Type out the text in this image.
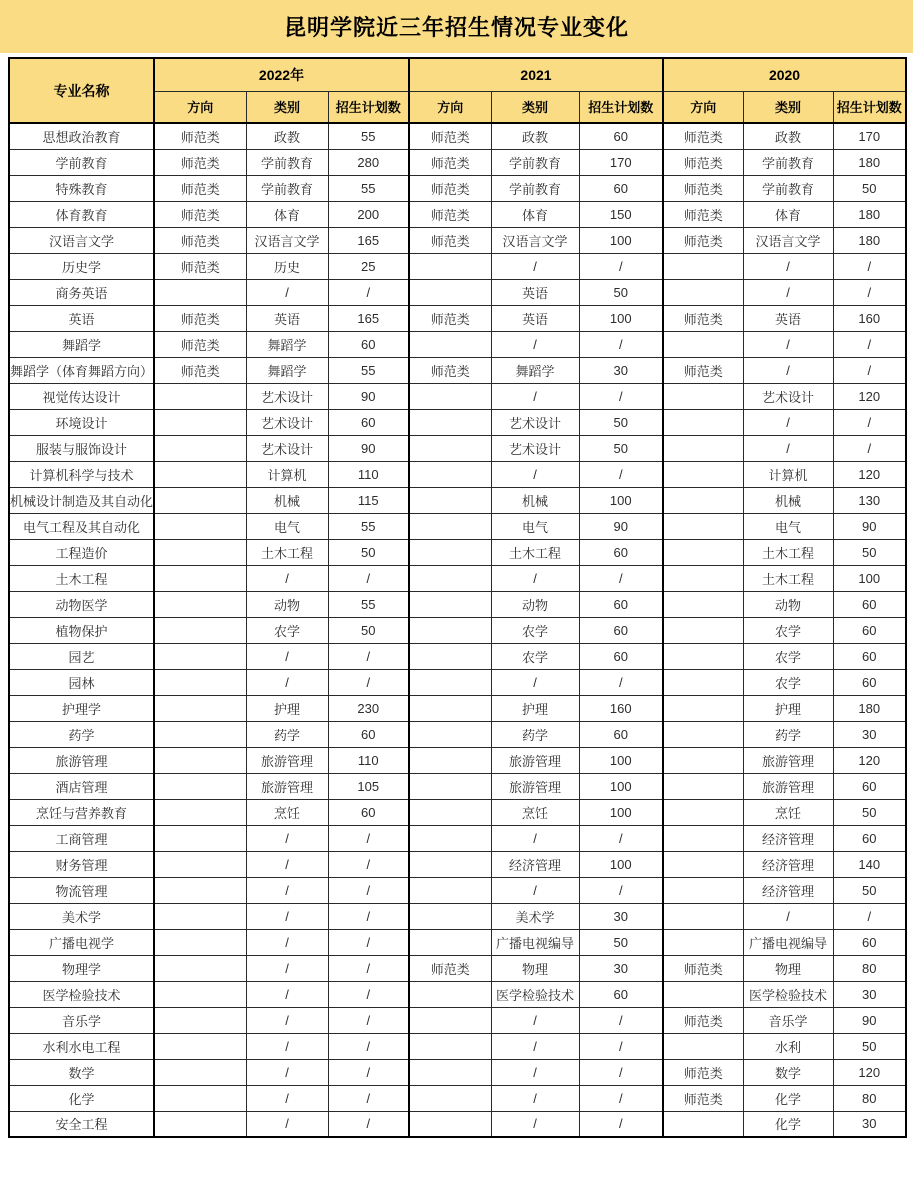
昆明学院近三年招生情况专业变化
专业名称	2022年			2021			2020		
	方向	类别	招生计划数	方向	类别	招生计划数	方向	类别	招生计划数
思想政治教育	师范类	政教	55	师范类	政教	60	师范类	政教	170
学前教育	师范类	学前教育	280	师范类	学前教育	170	师范类	学前教育	180
特殊教育	师范类	学前教育	55	师范类	学前教育	60	师范类	学前教育	50
体育教育	师范类	体育	200	师范类	体育	150	师范类	体育	180
汉语言文学	师范类	汉语言文学	165	师范类	汉语言文学	100	师范类	汉语言文学	180
历史学	师范类	历史	25		/	/		/	/
商务英语		/	/		英语	50		/	/
英语	师范类	英语	165	师范类	英语	100	师范类	英语	160
舞蹈学	师范类	舞蹈学	60		/	/		/	/
舞蹈学（体育舞蹈方向）	师范类	舞蹈学	55	师范类	舞蹈学	30	师范类	/	/
视觉传达设计		艺术设计	90		/	/		艺术设计	120
环境设计		艺术设计	60		艺术设计	50		/	/
服装与服饰设计		艺术设计	90		艺术设计	50		/	/
计算机科学与技术		计算机	110		/	/		计算机	120
机械设计制造及其自动化		机械	115		机械	100		机械	130
电气工程及其自动化		电气	55		电气	90		电气	90
工程造价		土木工程	50		土木工程	60		土木工程	50
土木工程		/	/		/	/		土木工程	100
动物医学		动物	55		动物	60		动物	60
植物保护		农学	50		农学	60		农学	60
园艺		/	/		农学	60		农学	60
园林		/	/		/	/		农学	60
护理学		护理	230		护理	160		护理	180
药学		药学	60		药学	60		药学	30
旅游管理		旅游管理	110		旅游管理	100		旅游管理	120
酒店管理		旅游管理	105		旅游管理	100		旅游管理	60
烹饪与营养教育		烹饪	60		烹饪	100		烹饪	50
工商管理		/	/		/	/		经济管理	60
财务管理		/	/		经济管理	100		经济管理	140
物流管理		/	/		/	/		经济管理	50
美术学		/	/		美术学	30		/	/
广播电视学		/	/		广播电视编导	50		广播电视编导	60
物理学		/	/	师范类	物理	30	师范类	物理	80
医学检验技术		/	/		医学检验技术	60		医学检验技术	30
音乐学		/	/		/	/	师范类	音乐学	90
水利水电工程		/	/		/	/		水利	50
数学		/	/		/	/	师范类	数学	120
化学		/	/		/	/	师范类	化学	80
安全工程		/	/		/	/		化学	30
